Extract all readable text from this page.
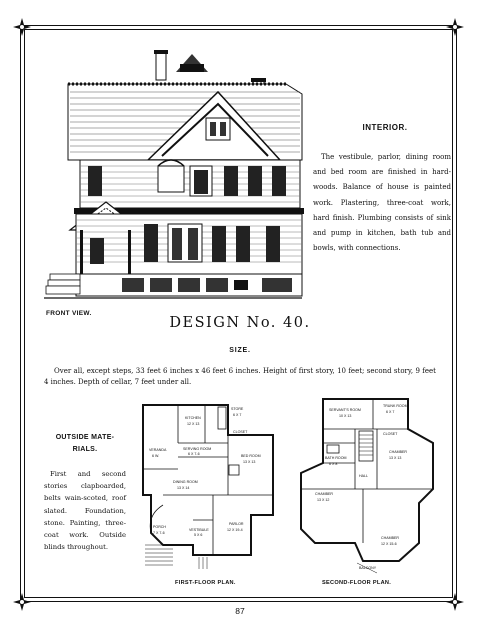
FRONT VIEW.
DESIGN No. 40.
INTERIOR.
The vestibule, parlor, dining room and bed room are finished in hard-woods. Balance of house is painted work. Plastering, three-coat work, hard finish. Plumbing consists of sink and pump in kitchen, bath tub and bowls, with connections.
SIZE.
Over all, except steps, 33 feet 6 inches x 46 feet 6 inches. Height of first story, 10 feet; second story, 9 feet 4 inches. Depth of cellar, 7 feet under all.
OUTSIDE MATE-RIALS.
First and second stories clapboarded, belts wain-scoted, roof slated. Foundation, stone. Painting, three-coat work. Outside blinds throughout.
KITCHEN
12 X 13
STORE
6 X 7
CLOSET
VERANDA
6 W.
SERVING ROOM
6 X 7-6	BED ROOM
13 X 13
DINING ROOM
13 X 14
PORCH
7 X 7-6
VESTIBULE
5 X 6
PARLOR
12 X 19-4
FIRST-FLOOR PLAN.
SERVANT'S ROOM
10 X 13
TRUNK ROOM
6 X 7
CLOSET
BATH ROOM
6 X 8
HALL
CHAMBER
13 X 13
CHAMBER
13 X 12
CHAMBER
12 X 15-6
BALCONY
SECOND-FLOOR PLAN.
87
